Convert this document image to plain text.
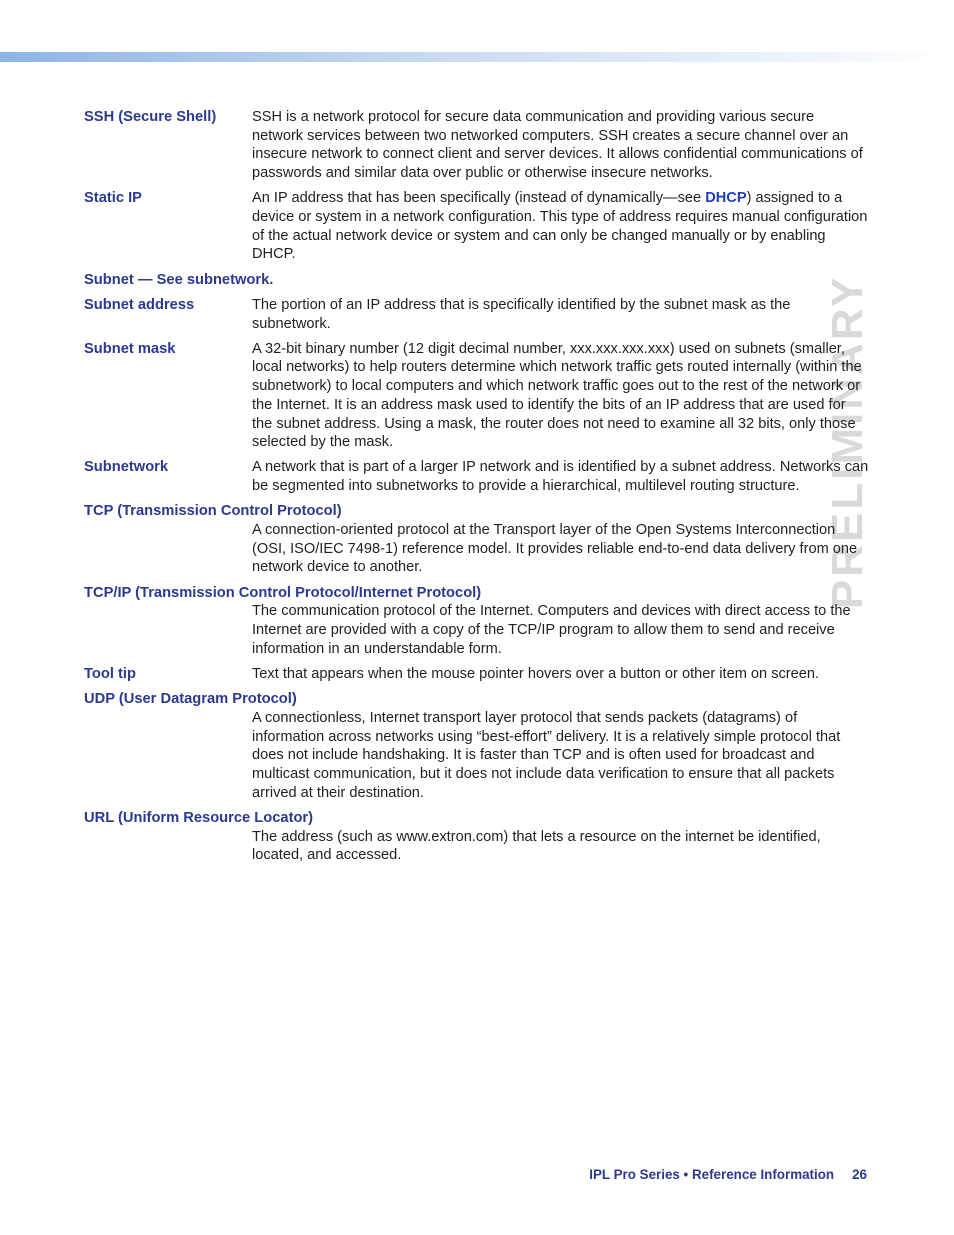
PRELIMINARY
SSH (Secure Shell)	SSH is a network protocol for secure data communication and providing various secure network services between two networked computers. SSH creates a secure channel over an insecure network to connect client and server devices. It allows confidential communications of passwords and similar data over public or otherwise insecure networks.
Static IP	An IP address that has been specifically (instead of dynamically—see DHCP) assigned to a device or system in a network configuration. This type of address requires manual configuration of the actual network device or system and can only be changed manually or by enabling DHCP.
Subnet — See subnetwork.
Subnet address	The portion of an IP address that is specifically identified by the subnet mask as the subnetwork.
Subnet mask	A 32-bit binary number (12 digit decimal number, xxx.xxx.xxx.xxx) used on subnets (smaller, local networks) to help routers determine which network traffic gets routed internally (within the subnetwork) to local computers and which network traffic goes out to the rest of the network or the Internet. It is an address mask used to identify the bits of an IP address that are used for the subnet address. Using a mask, the router does not need to examine all 32 bits, only those selected by the mask.
Subnetwork	A network that is part of a larger IP network and is identified by a subnet address. Networks can be segmented into subnetworks to provide a hierarchical, multilevel routing structure.
TCP (Transmission Control Protocol)
A connection-oriented protocol at the Transport layer of the Open Systems Interconnection (OSI, ISO/IEC 7498-1) reference model. It provides reliable end-to-end data delivery from one network device to another.
TCP/IP (Transmission Control Protocol/Internet Protocol)
The communication protocol of the Internet. Computers and devices with direct access to the Internet are provided with a copy of the TCP/IP program to allow them to send and receive information in an understandable form.
Tool tip	Text that appears when the mouse pointer hovers over a button or other item on screen.
UDP (User Datagram Protocol)
A connectionless, Internet transport layer protocol that sends packets (datagrams) of information across networks using “best-effort” delivery. It is a relatively simple protocol that does not include handshaking. It is faster than TCP and is often used for broadcast and multicast communication, but it does not include data verification to ensure that all packets arrived at their destination.
URL (Uniform Resource Locator)
The address (such as www.extron.com) that lets a resource on the internet be identified, located, and accessed.
IPL Pro Series • Reference Information 26
